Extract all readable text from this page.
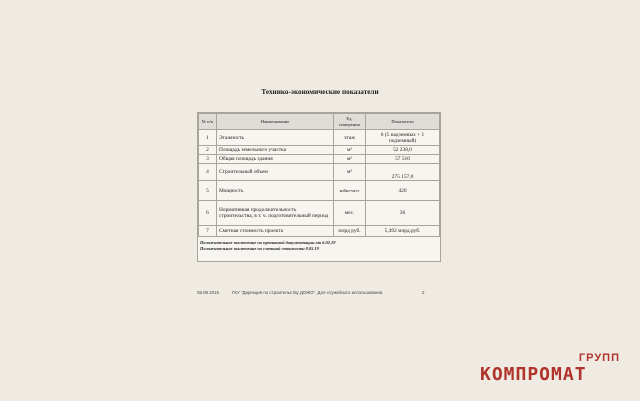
Технико-экономические показатели
№ п/п	Наименование	Ед. измерения	Показатели
1	Этажность	этаж	6 (5 надземных + 1 подземный)
2	Площадь земельного участка	м²	52 238,0
3	Общая площадь здания	м²	57 510
4	Строительный объем	м³	275 157,0
5	Мощность	койко-мест	420
6	Нормативная продолжительность строительства, в т. ч. подготовительный период	мес.	36
7	Сметная стоимость проекта	млрд руб.	5,492 млрд.руб.
Положительное заключение по проектной документации от 6.02.19
Положительное заключение по сметной стоимости 8.05.19
08.08.2019	ГКУ "Дирекция по строительству ДОЖО". Для служебного использования.	2
ГРУПП
КОМПРОМАТ
